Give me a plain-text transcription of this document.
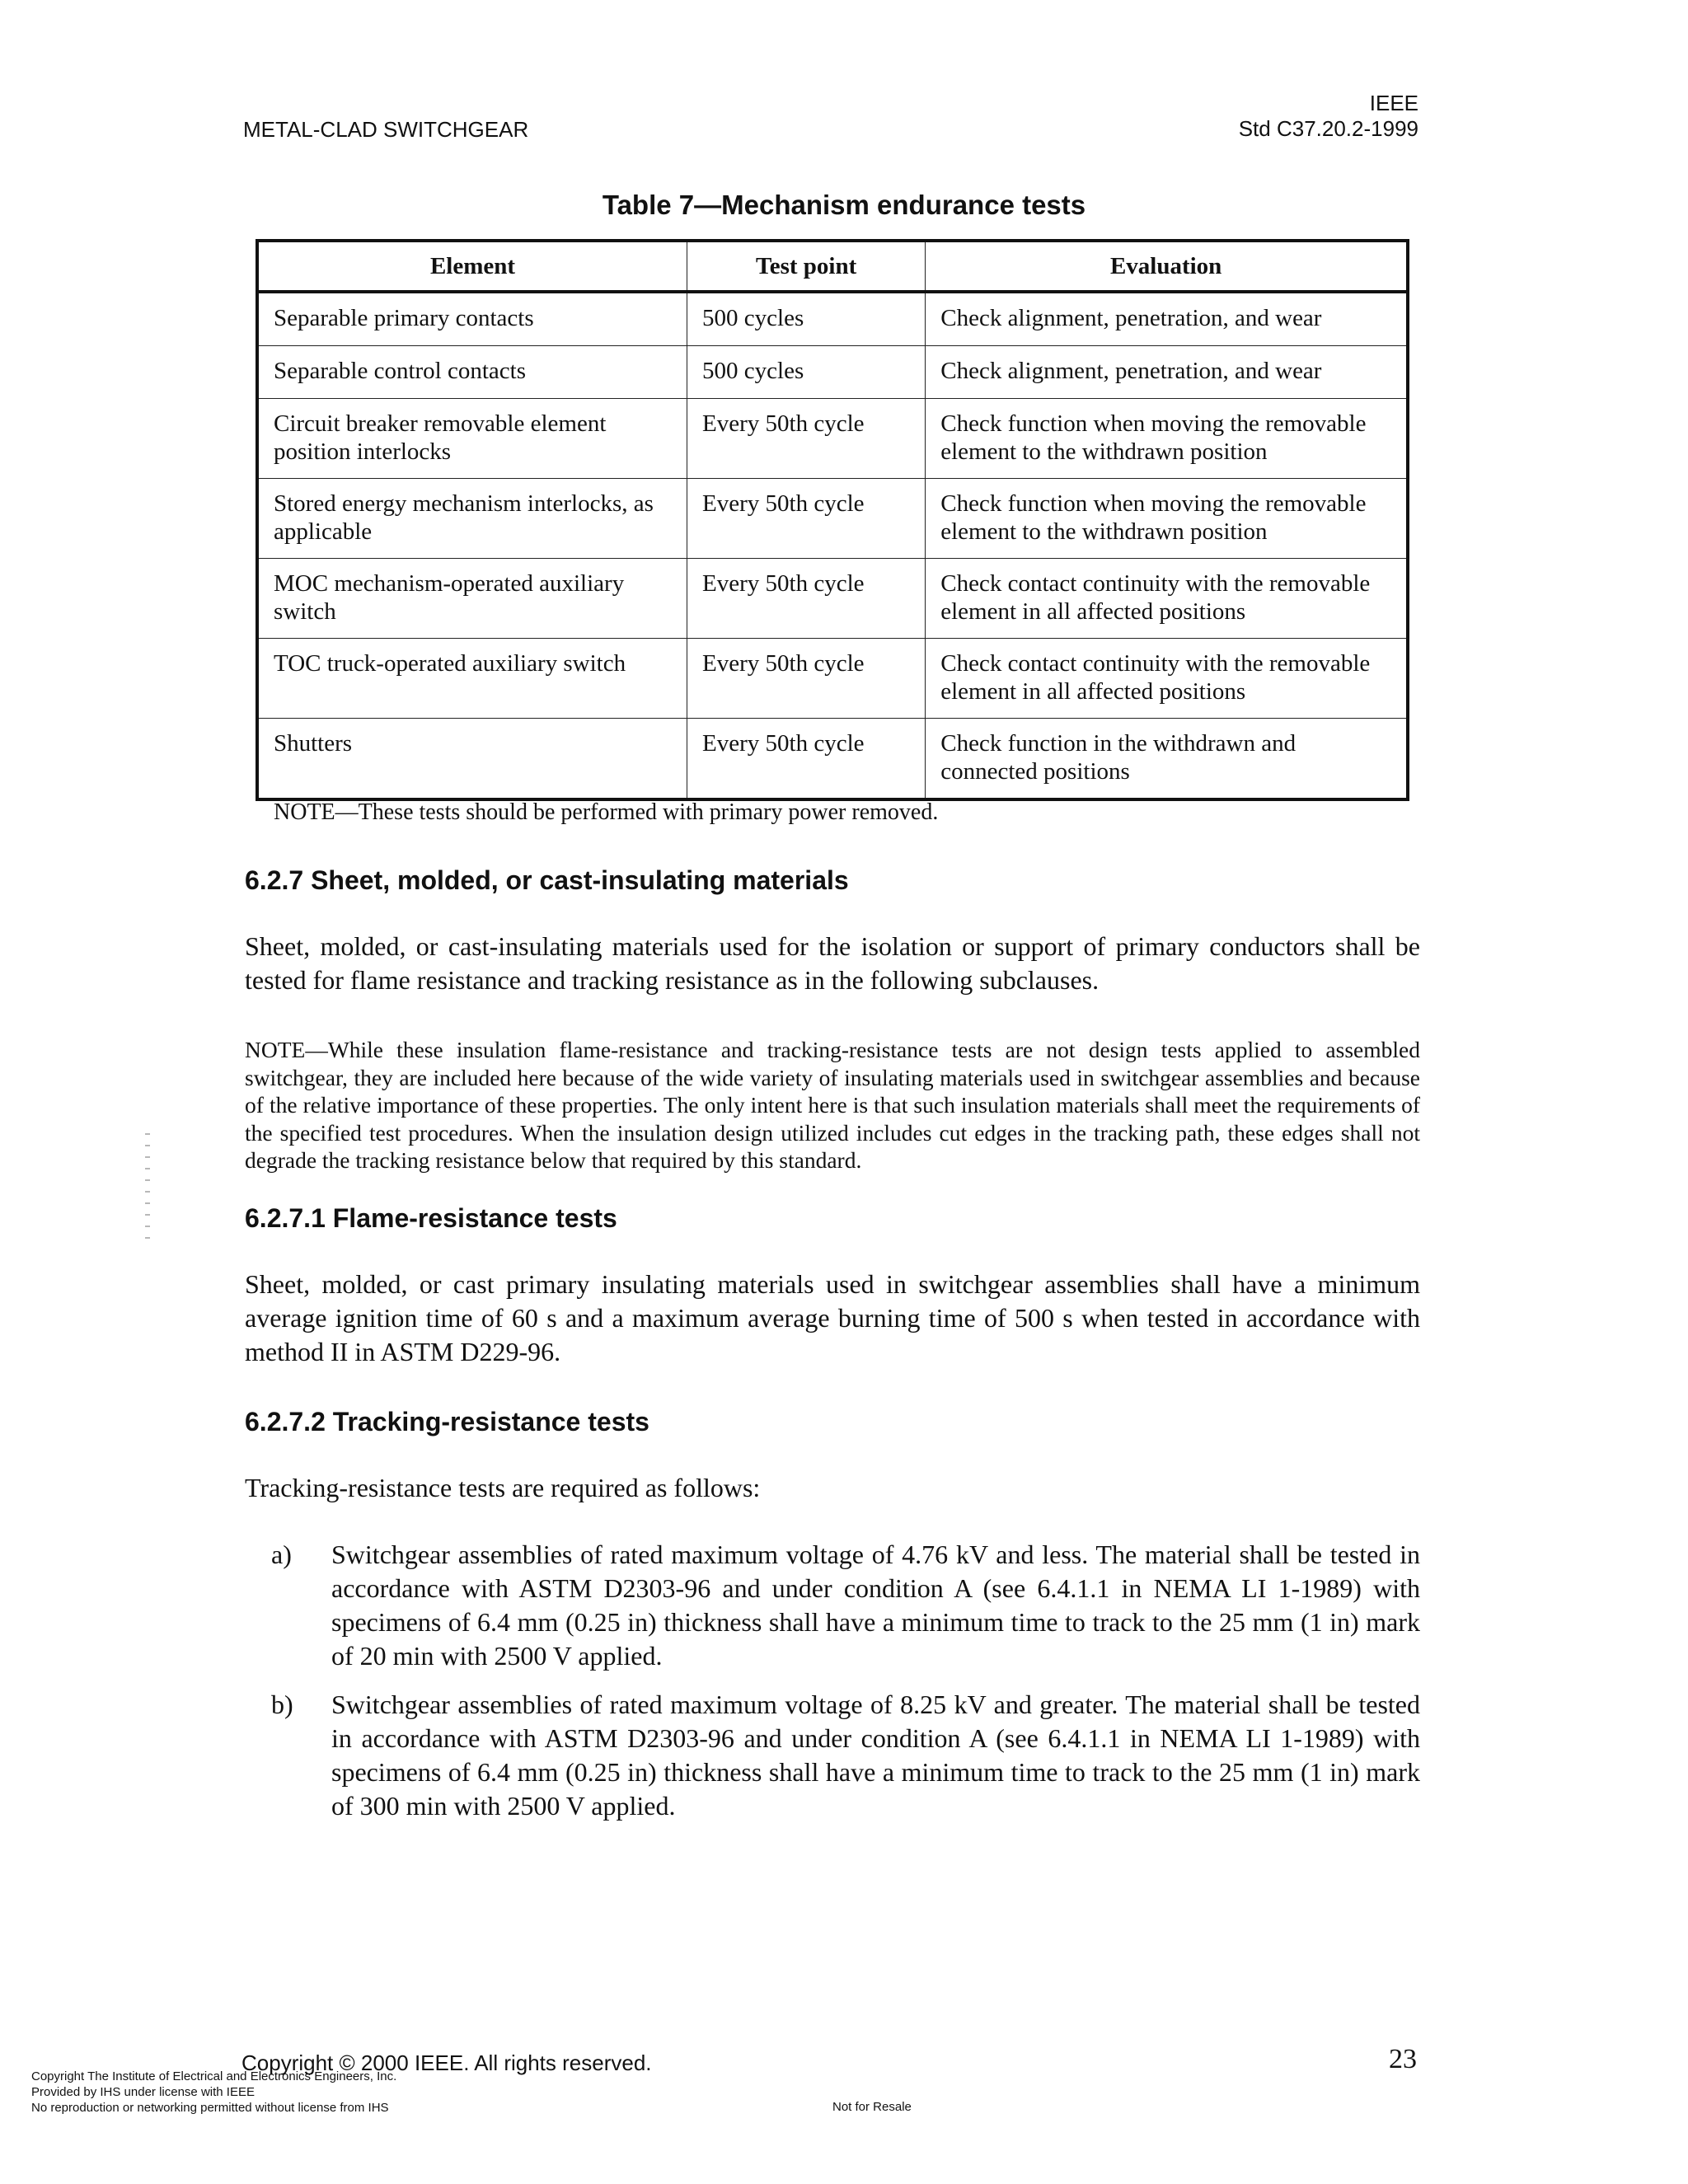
METAL-CLAD SWITCHGEAR
IEEE
Std C37.20.2-1999
Table 7—Mechanism endurance tests
Element	Test point	Evaluation
Separable primary contacts	500 cycles	Check alignment, penetration, and wear
Separable control contacts	500 cycles	Check alignment, penetration, and wear
Circuit breaker removable element position interlocks	Every 50th cycle	Check function when moving the removable element to the withdrawn position
Stored energy mechanism interlocks, as applicable	Every 50th cycle	Check function when moving the removable element to the withdrawn position
MOC mechanism-operated auxiliary switch	Every 50th cycle	Check contact continuity with the removable element in all affected positions
TOC truck-operated auxiliary switch	Every 50th cycle	Check contact continuity with the removable element in all affected positions
Shutters	Every 50th cycle	Check function in the withdrawn and connected positions
NOTE—These tests should be performed with primary power removed.
6.2.7 Sheet, molded, or cast-insulating materials

Sheet, molded, or cast-insulating materials used for the isolation or support of primary conductors shall be tested for flame resistance and tracking resistance as in the following subclauses.

NOTE—While these insulation flame-resistance and tracking-resistance tests are not design tests applied to assembled switchgear, they are included here because of the wide variety of insulating materials used in switchgear assemblies and because of the relative importance of these properties. The only intent here is that such insulation materials shall meet the requirements of the specified test procedures. When the insulation design utilized includes cut edges in the tracking path, these edges shall not degrade the tracking resistance below that required by this standard.

6.2.7.1 Flame-resistance tests

Sheet, molded, or cast primary insulating materials used in switchgear assemblies shall have a minimum average ignition time of 60 s and a maximum average burning time of 500 s when tested in accordance with method II in ASTM D229-96.

6.2.7.2 Tracking-resistance tests

Tracking-resistance tests are required as follows:

a)	Switchgear assemblies of rated maximum voltage of 4.76 kV and less. The material shall be tested in accordance with ASTM D2303-96 and under condition A (see 6.4.1.1 in NEMA LI 1-1989) with specimens of 6.4 mm (0.25 in) thickness shall have a minimum time to track to the 25 mm (1 in) mark of 20 min with 2500 V applied.
b)	Switchgear assemblies of rated maximum voltage of 8.25 kV and greater. The material shall be tested in accordance with ASTM D2303-96 and under condition A (see 6.4.1.1 in NEMA LI 1-1989) with specimens of 6.4 mm (0.25 in) thickness shall have a minimum time to track to the 25 mm (1 in) mark of 300 min with 2500 V applied.
Copyright © 2000 IEEE. All rights reserved.	23
Copyright The Institute of Electrical and Electronics Engineers, Inc.
Provided by IHS under license with IEEE
No reproduction or networking permitted without license from IHS	Not for Resale
